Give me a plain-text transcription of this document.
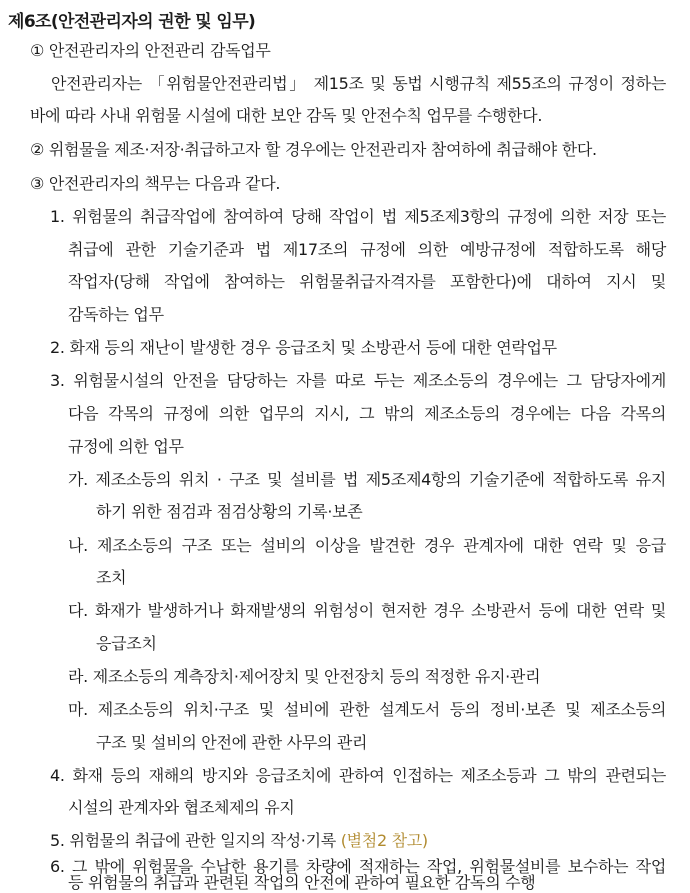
제6조(안전관리자의 권한 및 임무)
① 안전관리자의 안전관리 감독업무
안전관리자는 「위험물안전관리법」 제15조 및 동법 시행규칙 제55조의 규정이 정하는
바에 따라 사내 위험물 시설에 대한 보안 감독 및 안전수칙 업무를 수행한다.
② 위험물을 제조·저장·취급하고자 할 경우에는 안전관리자 참여하에 취급해야 한다.
③ 안전관리자의 책무는 다음과 같다.
1. 위험물의 취급작업에 참여하여 당해 작업이 법 제5조제3항의 규정에 의한 저장 또는
취급에 관한 기술기준과 법 제17조의 규정에 의한 예방규정에 적합하도록 해당
작업자(당해 작업에 참여하는 위험물취급자격자를 포함한다)에 대하여 지시 및
감독하는 업무
2. 화재 등의 재난이 발생한 경우 응급조치 및 소방관서 등에 대한 연락업무
3. 위험물시설의 안전을 담당하는 자를 따로 두는 제조소등의 경우에는 그 담당자에게
다음 각목의 규정에 의한 업무의 지시, 그 밖의 제조소등의 경우에는 다음 각목의
규정에 의한 업무
가. 제조소등의 위치 · 구조 및 설비를 법 제5조제4항의 기술기준에 적합하도록 유지
하기 위한 점검과 점검상황의 기록·보존
나. 제조소등의 구조 또는 설비의 이상을 발견한 경우 관계자에 대한 연락 및 응급
조치
다. 화재가 발생하거나 화재발생의 위험성이 현저한 경우 소방관서 등에 대한 연락 및
응급조치
라. 제조소등의 계측장치·제어장치 및 안전장치 등의 적정한 유지·관리
마. 제조소등의 위치·구조 및 설비에 관한 설계도서 등의 정비·보존 및 제조소등의
구조 및 설비의 안전에 관한 사무의 관리
4. 화재 등의 재해의 방지와 응급조치에 관하여 인접하는 제조소등과 그 밖의 관련되는
시설의 관계자와 협조체제의 유지
5. 위험물의 취급에 관한 일지의 작성·기록 (별첨2 참고)
6. 그 밖에 위험물을 수납한 용기를 차량에 적재하는 작업, 위험물설비를 보수하는 작업
등 위험물의 취급과 관련된 작업의 안전에 관하여 필요한 감독의 수행
